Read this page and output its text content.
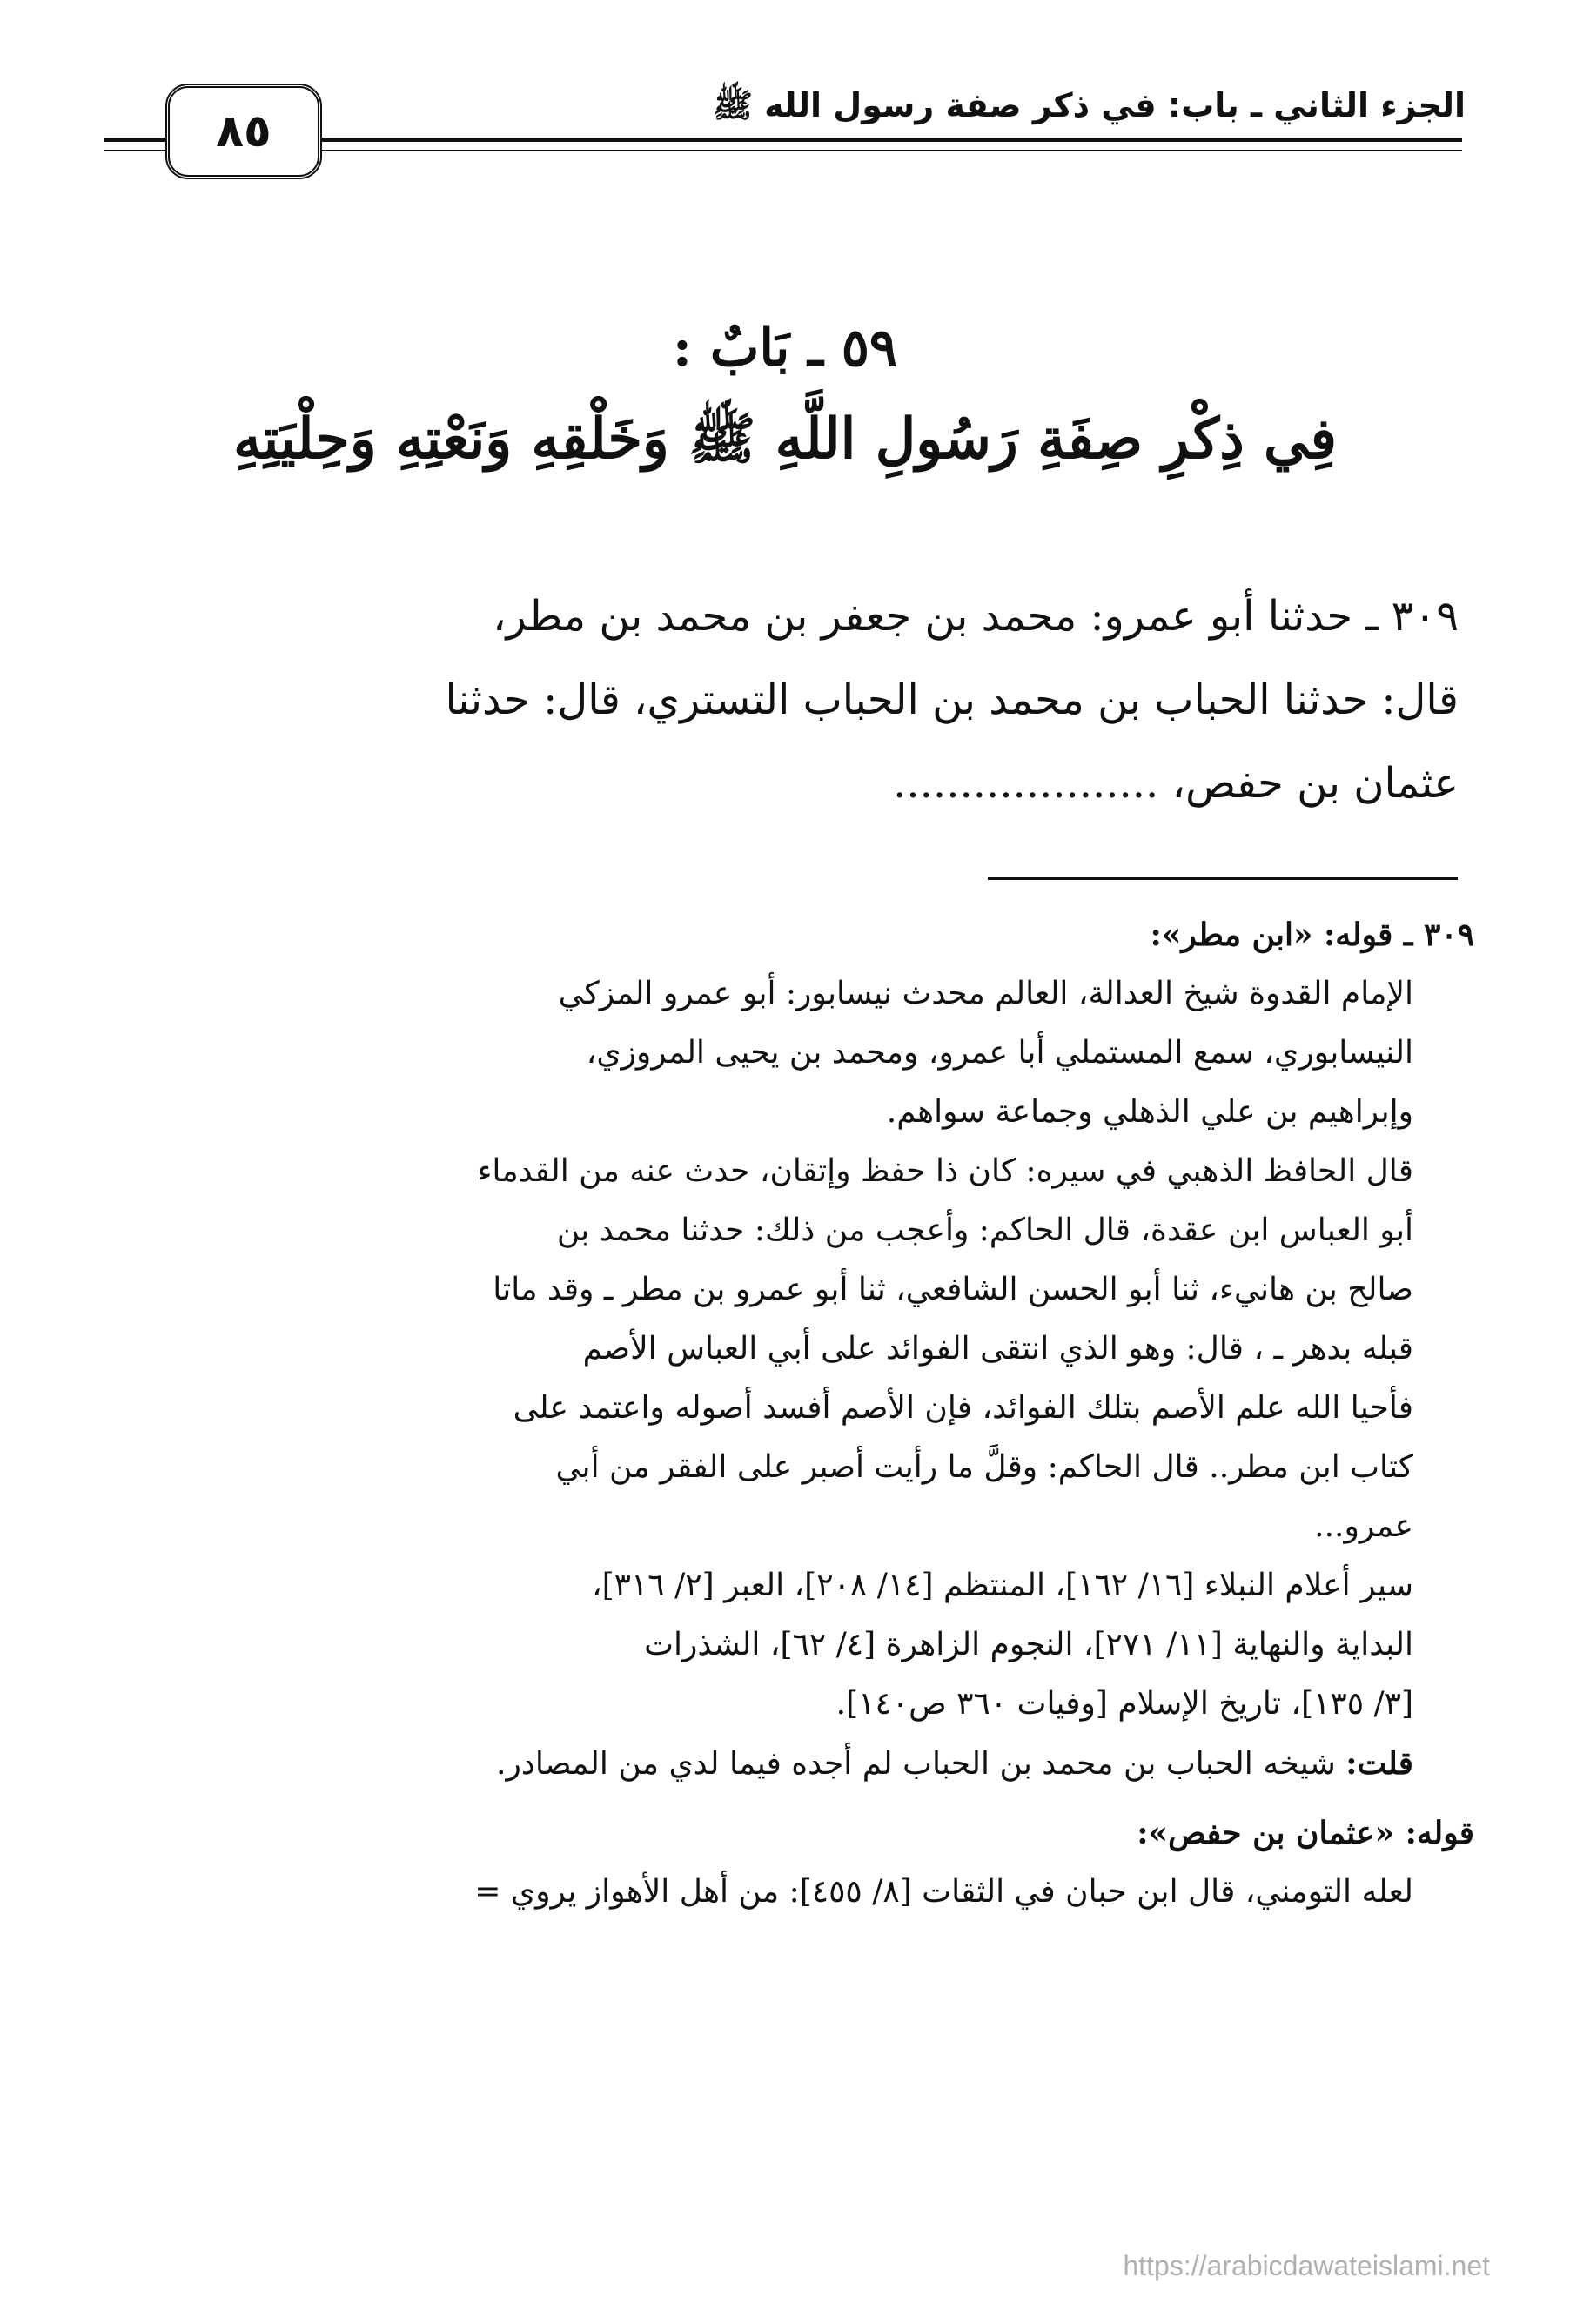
الجزء الثاني ـ باب: في ذكر صفة رسول الله ﷺ
٨٥
٥٩ ـ بَابٌ :
فِي ذِكْرِ صِفَةِ رَسُولِ اللَّهِ ﷺ وَخَلْقِهِ وَنَعْتِهِ وَحِلْيَتِهِ
٣٠٩ ـ حدثنا أبو عمرو: محمد بن جعفر بن محمد بن مطر،
قال: حدثنا الحباب بن محمد بن الحباب التستري، قال: حدثنا
عثمان بن حفص، ....................
٣٠٩ ـ قوله: «ابن مطر»:
الإمام القدوة شيخ العدالة، العالم محدث نيسابور: أبو عمرو المزكي
النيسابوري، سمع المستملي أبا عمرو، ومحمد بن يحيى المروزي،
وإبراهيم بن علي الذهلي وجماعة سواهم.
قال الحافظ الذهبي في سيره: كان ذا حفظ وإتقان، حدث عنه من القدماء
أبو العباس ابن عقدة، قال الحاكم: وأعجب من ذلك: حدثنا محمد بن
صالح بن هانيء، ثنا أبو الحسن الشافعي، ثنا أبو عمرو بن مطر ـ وقد ماتا
قبله بدهر ـ ، قال: وهو الذي انتقى الفوائد على أبي العباس الأصم
فأحيا الله علم الأصم بتلك الفوائد، فإن الأصم أفسد أصوله واعتمد على
كتاب ابن مطر.. قال الحاكم: وقلَّ ما رأيت أصبر على الفقر من أبي
عمرو...
سير أعلام النبلاء [١٦/ ١٦٢]، المنتظم [١٤/ ٢٠٨]، العبر [٢/ ٣١٦]،
البداية والنهاية [١١/ ٢٧١]، النجوم الزاهرة [٤/ ٦٢]، الشذرات
[٣/ ١٣٥]، تاريخ الإسلام [وفيات ٣٦٠ ص١٤٠].
قلت: شيخه الحباب بن محمد بن الحباب لم أجده فيما لدي من المصادر.
قوله: «عثمان بن حفص»:
لعله التومني، قال ابن حبان في الثقات [٨/ ٤٥٥]: من أهل الأهواز يروي =
https://arabicdawateislami.net
